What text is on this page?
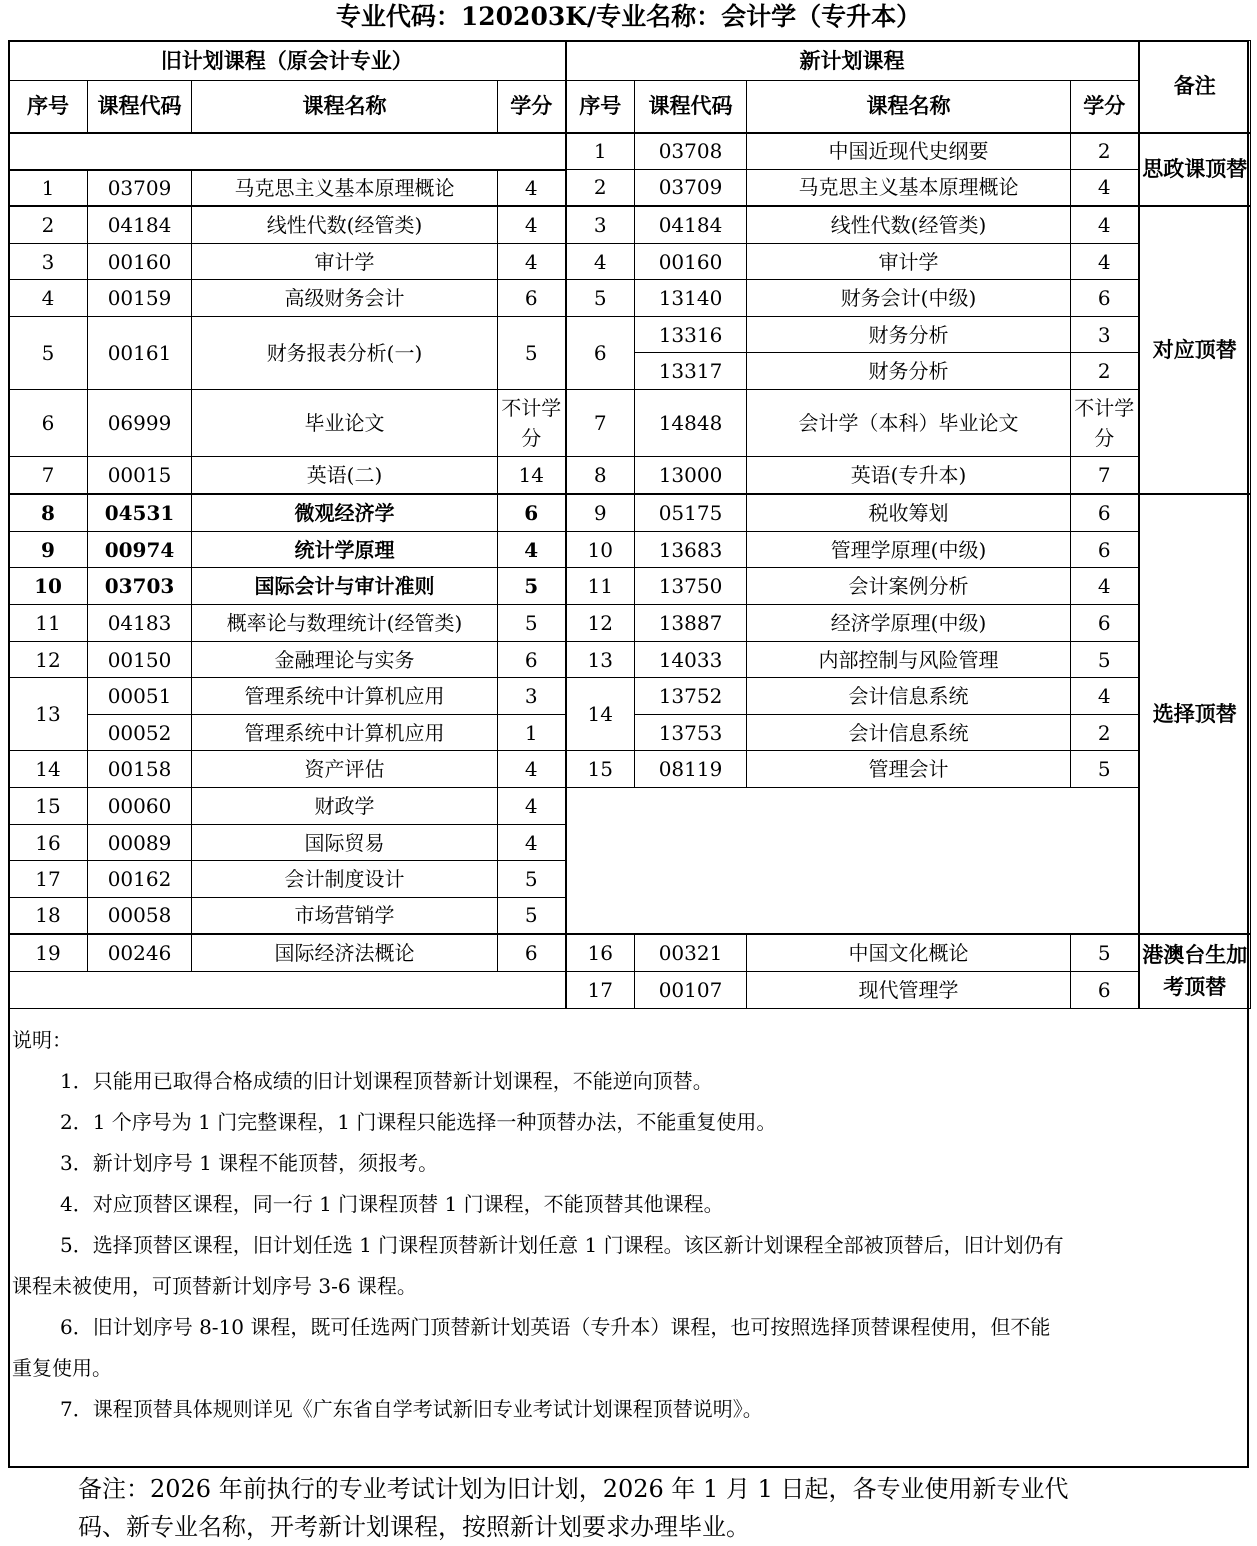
专业代码：120203K/专业名称：会计学（专升本）
旧计划课程（原会计专业）				新计划课程				备注
序号	课程代码	课程名称	学分	序号	课程代码	课程名称	学分	
				1	03708	中国近现代史纲要	2	思政课顶替
1	03709	马克思主义基本原理概论	4	2	03709	马克思主义基本原理概论	4	
2	04184	线性代数(经管类)	4	3	04184	线性代数(经管类)	4	对应顶替
3	00160	审计学	4	4	00160	审计学	4	
4	00159	高级财务会计	6	5	13140	财务会计(中级)	6	
5	00161	财务报表分析(一)	5	6	13316	财务分析	3	
					13317	财务分析	2	
6	06999	毕业论文	不计学分	7	14848	会计学（本科）毕业论文	不计学分	
7	00015	英语(二)	14	8	13000	英语(专升本)	7	
8	04531	微观经济学	6	9	05175	税收筹划	6	选择顶替
9	00974	统计学原理	4	10	13683	管理学原理(中级)	6	
10	03703	国际会计与审计准则	5	11	13750	会计案例分析	4	
11	04183	概率论与数理统计(经管类)	5	12	13887	经济学原理(中级)	6	
12	00150	金融理论与实务	6	13	14033	内部控制与风险管理	5	
13	00051	管理系统中计算机应用	3	14	13752	会计信息系统	4	
	00052	管理系统中计算机应用	1		13753	会计信息系统	2	
14	00158	资产评估	4	15	08119	管理会计	5	
15	00060	财政学	4					
16	00089	国际贸易	4					
17	00162	会计制度设计	5					
18	00058	市场营销学	5					
19	00246	国际经济法概论	6	16	00321	中国文化概论	5	港澳台生加考顶替
				17	00107	现代管理学	6	
说明：
1．只能用已取得合格成绩的旧计划课程顶替新计划课程，不能逆向顶替。
2．1 个序号为 1 门完整课程，1 门课程只能选择一种顶替办法，不能重复使用。
3．新计划序号 1 课程不能顶替，须报考。
4．对应顶替区课程，同一行 1 门课程顶替 1 门课程，不能顶替其他课程。
5．选择顶替区课程，旧计划任选 1 门课程顶替新计划任意 1 门课程。该区新计划课程全部被顶替后，旧计划仍有
课程未被使用，可顶替新计划序号 3-6 课程。
6．旧计划序号 8-10 课程，既可任选两门顶替新计划英语（专升本）课程，也可按照选择顶替课程使用，但不能
重复使用。
7．课程顶替具体规则详见《广东省自学考试新旧专业考试计划课程顶替说明》。
备注：2026 年前执行的专业考试计划为旧计划，2026 年 1 月 1 日起，各专业使用新专业代
码、新专业名称，开考新计划课程，按照新计划要求办理毕业。
